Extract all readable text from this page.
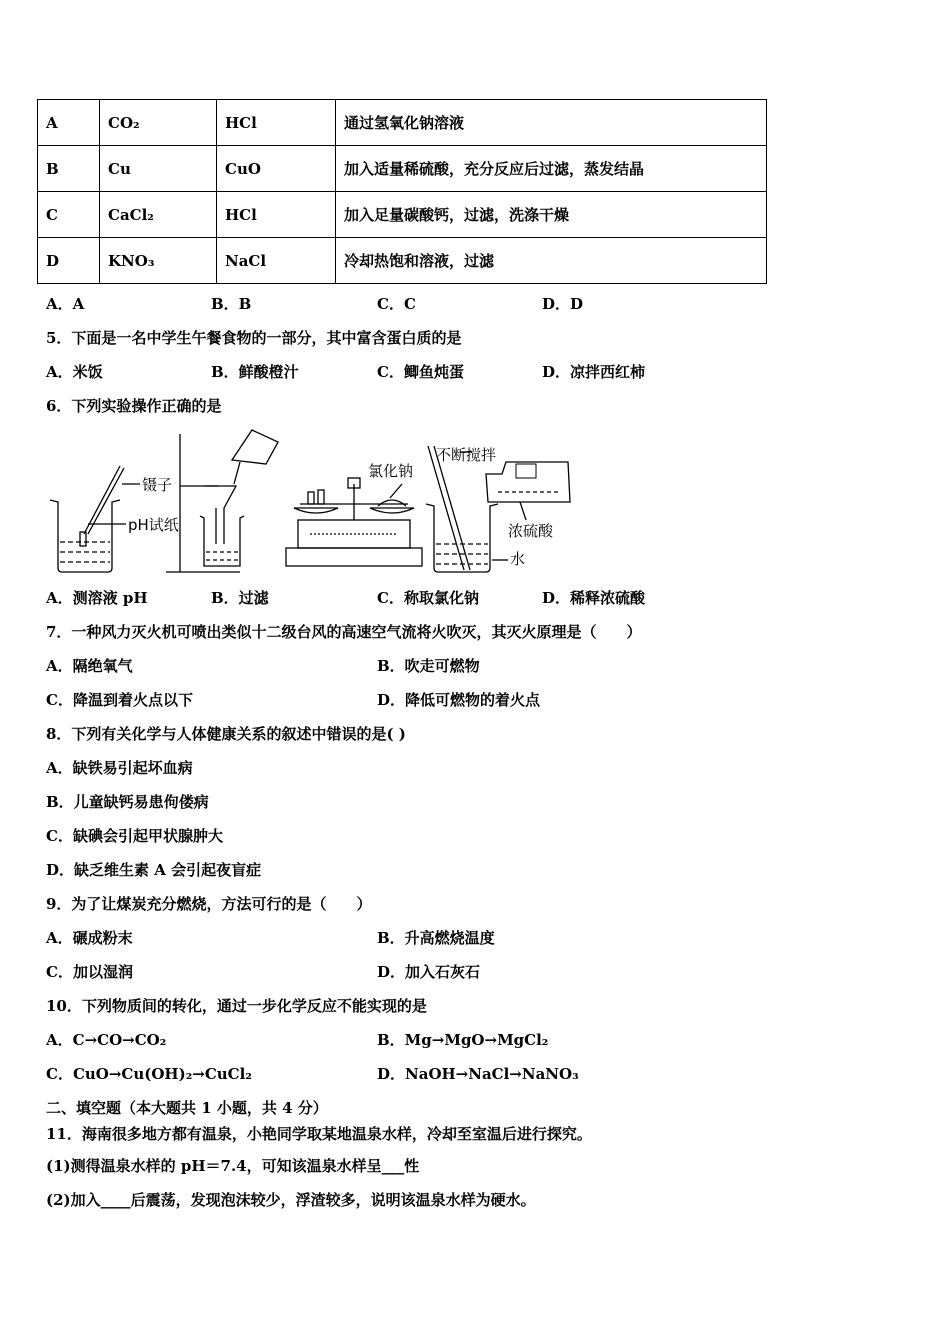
A	CO₂	HCl	通过氢氧化钠溶液
B	Cu	CuO	加入适量稀硫酸，充分反应后过滤，蒸发结晶
C	CaCl₂	HCl	加入足量碳酸钙，过滤，洗涤干燥
D	KNO₃	NaCl	冷却热饱和溶液，过滤
A．A	B．B	C．C	D．D
5．下面是一名中学生午餐食物的一部分，其中富含蛋白质的是
A．米饭	B．鲜酸橙汁	C．鲫鱼炖蛋	D．凉拌西红柿
6．下列实验操作正确的是
镊子
pH试纸
氯化钠
不断搅拌
浓硫酸
水
A．测溶液 pH	B．过滤	C．称取氯化钠	D．稀释浓硫酸
7．一种风力灭火机可喷出类似十二级台风的高速空气流将火吹灭，其灭火原理是（　　）
A．隔绝氧气	B．吹走可燃物
C．降温到着火点以下	D．降低可燃物的着火点
8．下列有关化学与人体健康关系的叙述中错误的是( )
A．缺铁易引起坏血病
B．儿童缺钙易患佝偻病
C．缺碘会引起甲状腺肿大
D．缺乏维生素 A 会引起夜盲症
9．为了让煤炭充分燃烧，方法可行的是（　　）
A．碾成粉末	B．升高燃烧温度
C．加以湿润	D．加入石灰石
10．下列物质间的转化，通过一步化学反应不能实现的是
A．C→CO→CO₂	B．Mg→MgO→MgCl₂
C．CuO→Cu(OH)₂→CuCl₂	D．NaOH→NaCl→NaNO₃
二、填空题（本大题共 1 小题，共 4 分）
11．海南很多地方都有温泉，小艳同学取某地温泉水样，冷却至室温后进行探究。
(1)测得温泉水样的 pH＝7.4，可知该温泉水样呈___性
(2)加入____后震荡，发现泡沫较少，浮渣较多，说明该温泉水样为硬水。
